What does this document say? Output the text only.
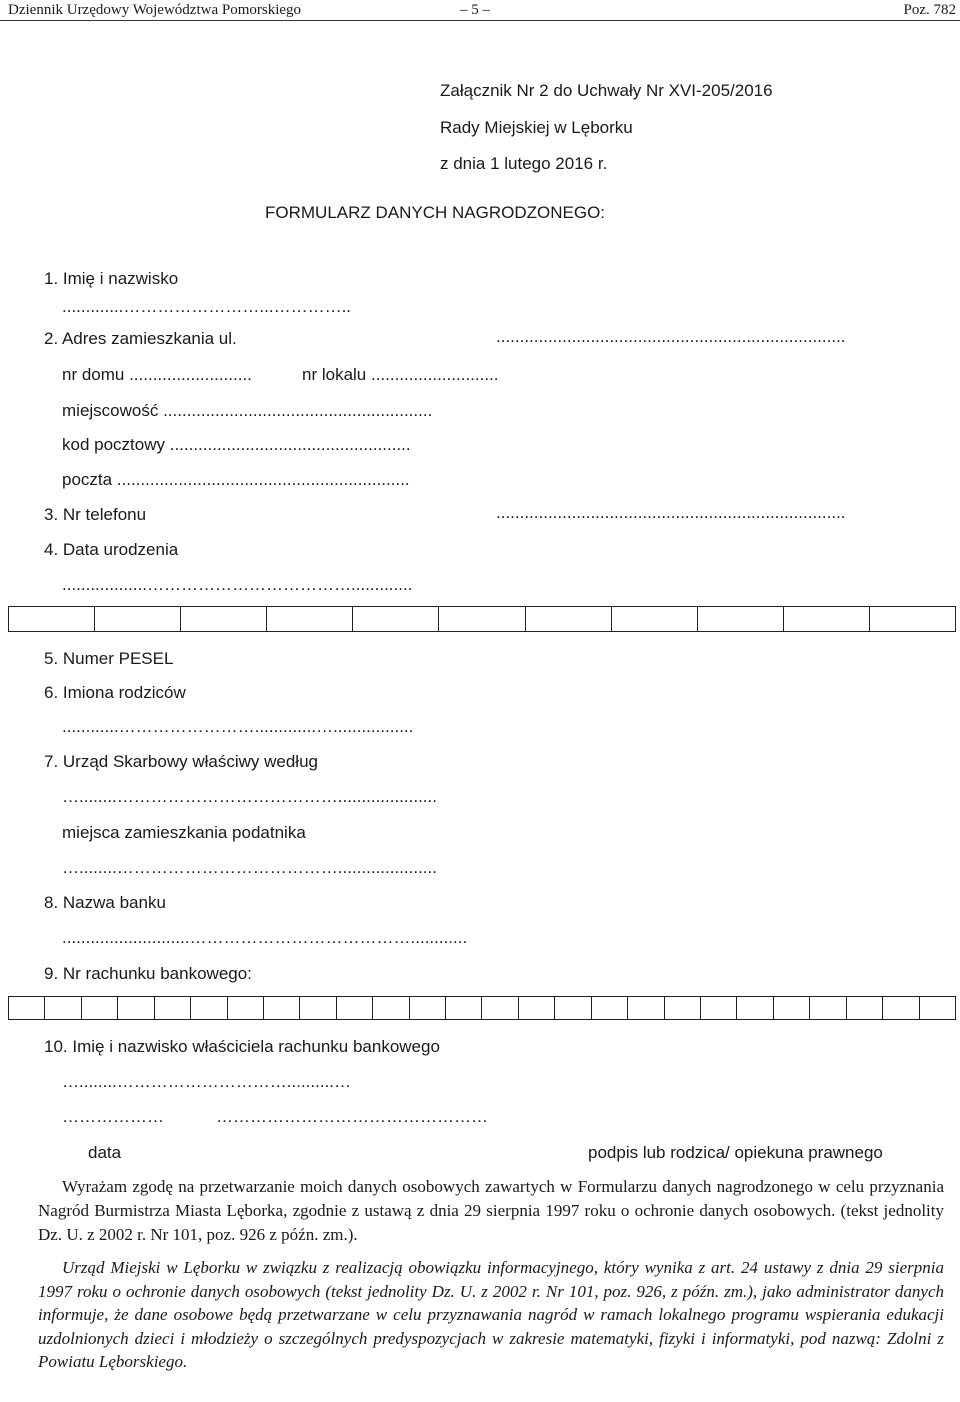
Dziennik Urzędowy Województwa Pomorskiego	– 5 –	Poz. 782
Załącznik Nr 2 do Uchwały Nr XVI-205/2016
Rady Miejskiej w Lęborku
z dnia 1 lutego 2016 r.
FORMULARZ DANYCH NAGRODZONEGO:
1. Imię i nazwisko
.............……………………...…………..
2. Adres zamieszkania ul.	..........................................................................
nr domu ..........................	nr lokalu ...........................
miejscowość .........................................................
kod pocztowy ...................................................
poczta ..............................................................
3. Nr telefonu	..........................................................................
4. Data urodzenia
..................……………………………….............
5. Numer PESEL
6. Imiona rodziców
............…………………….............….................
7. Urząd Skarbowy właściwy według
…........………………………………….....................
miejsca zamieszkania podatnika
…........………………………………….....................
8. Nazwa banku
...........................…………………………………............
9. Nr rachunku bankowego:
10. Imię i nazwisko właściciela rachunku bankowego
…........…………………………..........…
………………	…………………………………………
data	podpis lub rodzica/ opiekuna prawnego

Wyrażam zgodę na przetwarzanie moich danych osobowych zawartych w Formularzu danych nagrodzonego w celu przyznania Nagród Burmistrza Miasta Lęborka, zgodnie z ustawą z dnia 29 sierpnia 1997 roku o ochronie danych osobowych. (tekst jednolity Dz. U. z 2002 r. Nr 101, poz. 926 z późn. zm.).

Urząd Miejski w Lęborku w związku z realizacją obowiązku informacyjnego, który wynika z art. 24 ustawy z dnia 29 sierpnia 1997 roku o ochronie danych osobowych (tekst jednolity Dz. U. z 2002 r. Nr 101, poz. 926, z późn. zm.), jako administrator danych informuje, że dane osobowe będą przetwarzane w celu przyznawania nagród w ramach lokalnego programu wspierania edukacji uzdolnionych dzieci i młodzieży o szczególnych predyspozycjach w zakresie matematyki, fizyki i informatyki, pod nazwą: Zdolni z Powiatu Lęborskiego.
